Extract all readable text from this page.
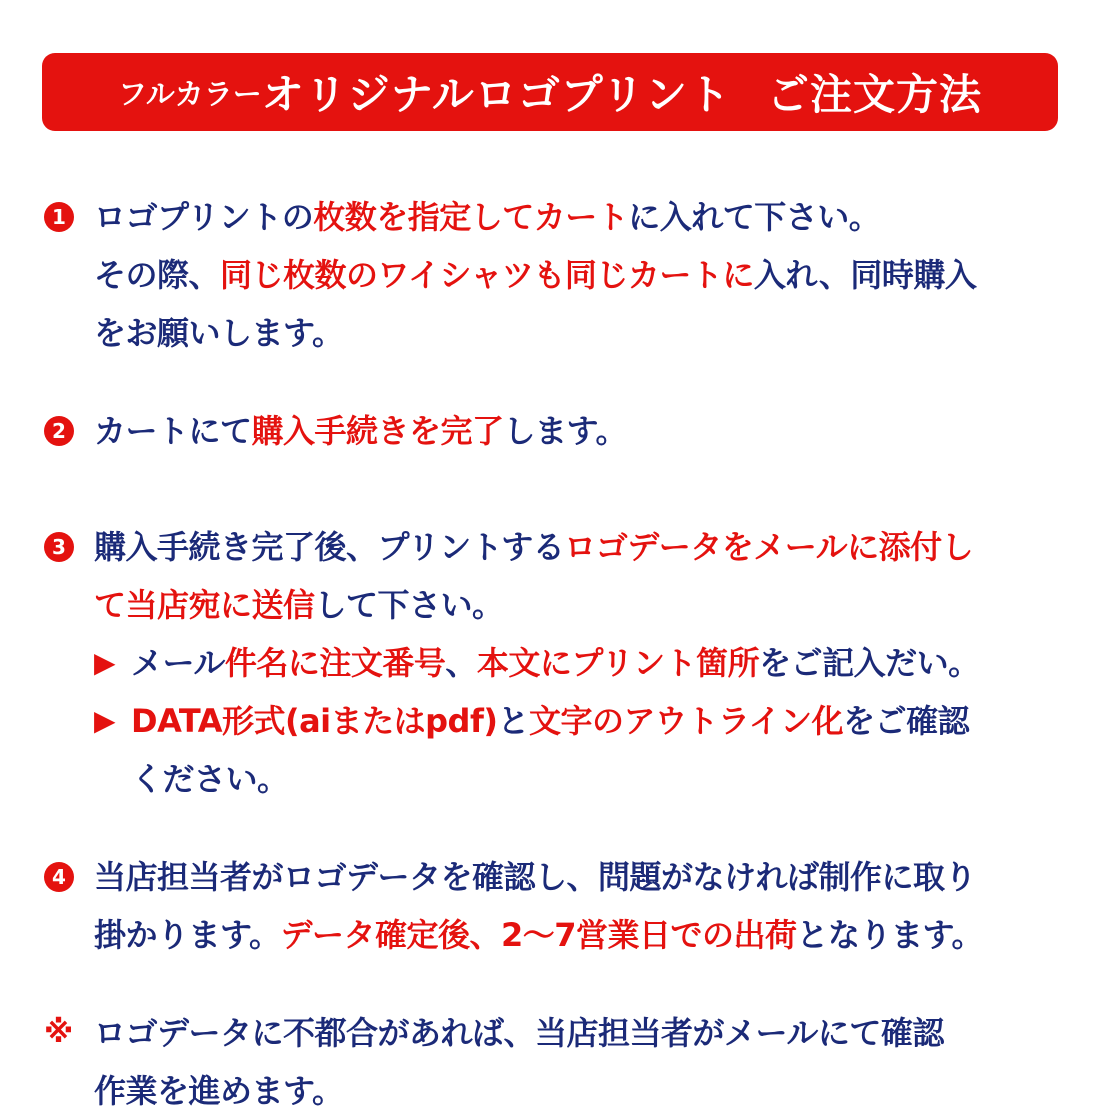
フルカラー オリジナルロゴプリント ご注文方法
1 ロゴプリントの枚数を指定してカートに入れて下さい。
その際、同じ枚数のワイシャツも同じカートに入れ、同時購入
をお願いします。
2 カートにて購入手続きを完了します。
3 購入手続き完了後、プリントするロゴデータをメールに添付し
て当店宛に送信して下さい。
▶ メール件名に注文番号、本文にプリント箇所をご記入だい。
▶ DATA形式(aiまたはpdf)と文字のアウトライン化をご確認
ください。
4 当店担当者がロゴデータを確認し、問題がなければ制作に取り
掛かります。データ確定後、2〜7営業日での出荷となります。
※ ロゴデータに不都合があれば、当店担当者がメールにて確認
作業を進めます。
